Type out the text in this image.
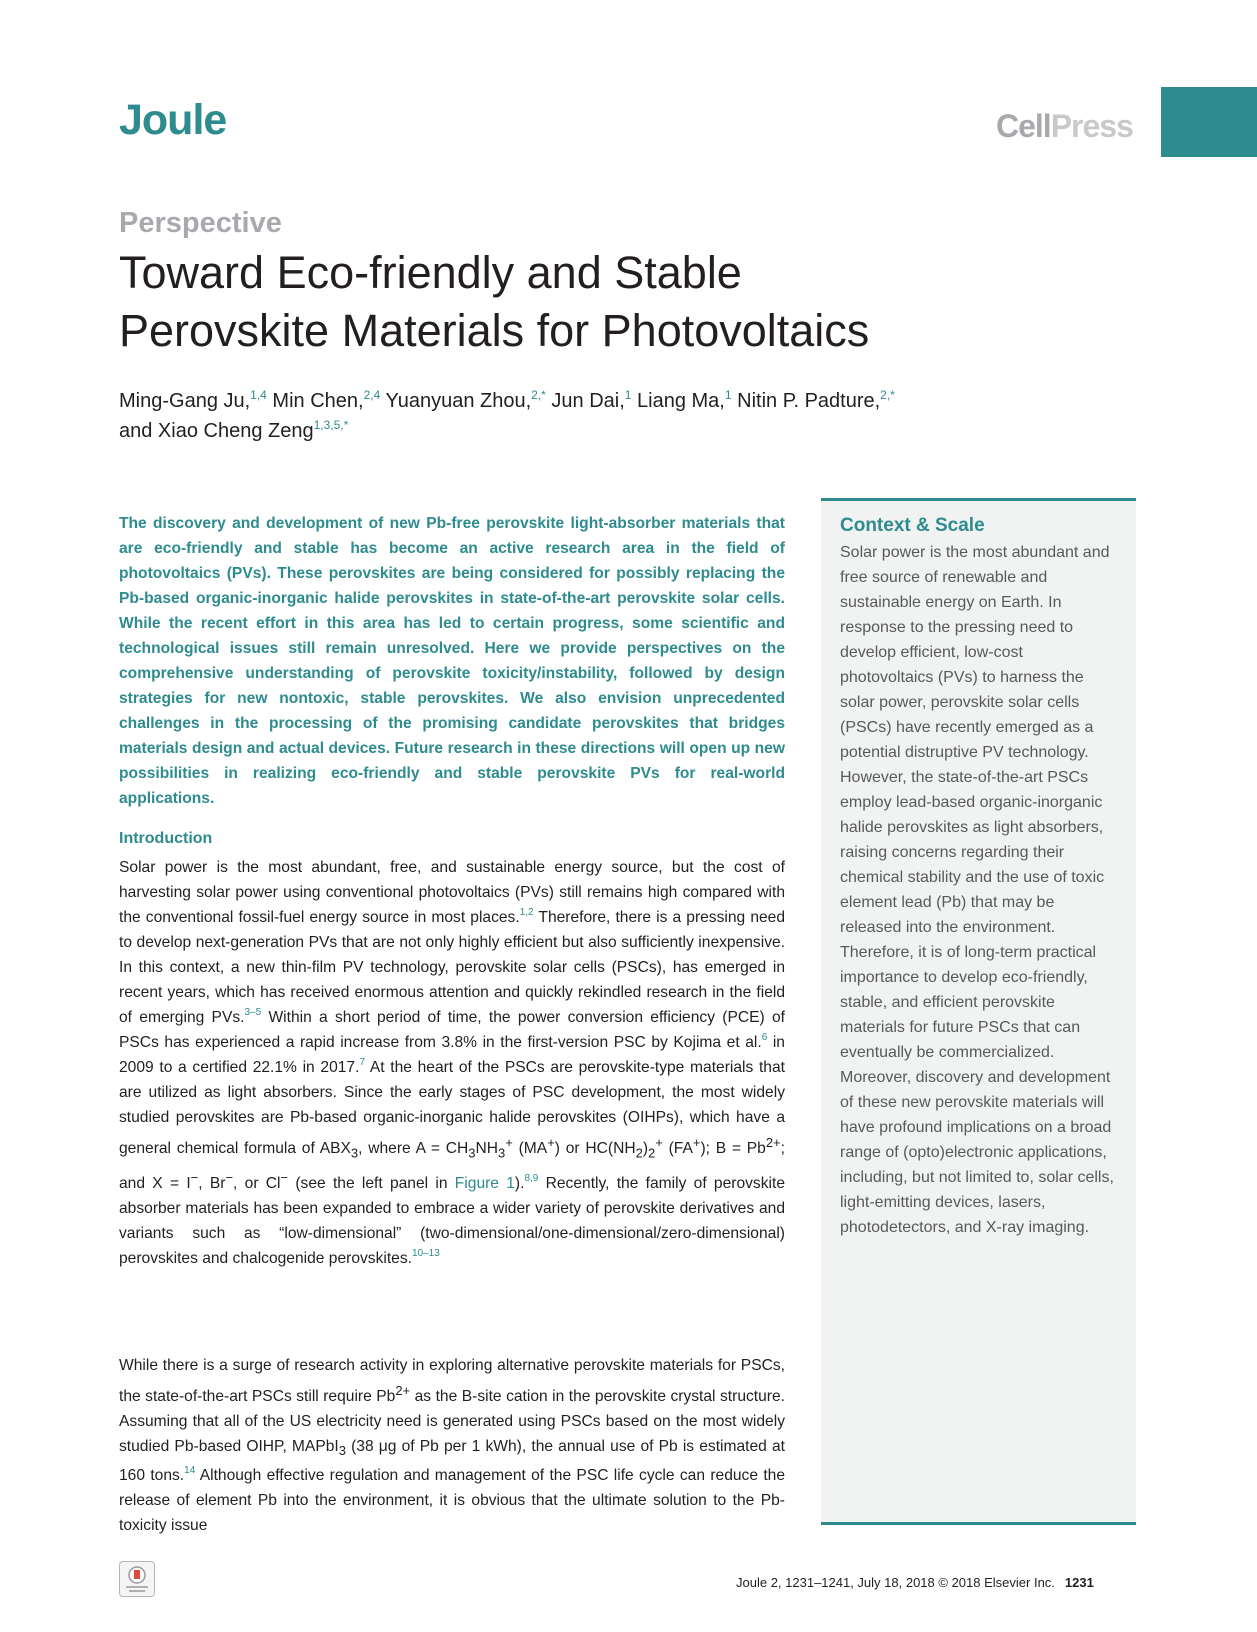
Joule	CellPress
Perspective
Toward Eco-friendly and Stable
Perovskite Materials for Photovoltaics
Ming-Gang Ju,$^{1,4}$ Min Chen,$^{2,4}$ Yuanyuan Zhou,$^{2,*}$ Jun Dai,$^1$ Liang Ma,$^1$ Nitin P. Padture,$^{2,*}$
and Xiao Cheng Zeng$^{1,3,5,*}$

The discovery and development of new Pb-free perovskite light-absorber materials that are eco-friendly and stable has become an active research area in the field of photovoltaics (PVs). These perovskites are being considered for possibly replacing the Pb-based organic-inorganic halide perovskites in state-of-the-art perovskite solar cells. While the recent effort in this area has led to certain progress, some scientific and technological issues still remain unresolved. Here we provide perspectives on the comprehensive understanding of perovskite toxicity/instability, followed by design strategies for new nontoxic, stable perovskites. We also envision unprecedented challenges in the processing of the promising candidate perovskites that bridges materials design and actual devices. Future research in these directions will open up new possibilities in realizing eco-friendly and stable perovskite PVs for real-world applications.

Introduction

Solar power is the most abundant, free, and sustainable energy source, but the cost of harvesting solar power using conventional photovoltaics (PVs) still remains high compared with the conventional fossil-fuel energy source in most places.$^{1,2}$ Therefore, there is a pressing need to develop next-generation PVs that are not only highly efficient but also sufficiently inexpensive. In this context, a new thin-film PV technology, perovskite solar cells (PSCs), has emerged in recent years, which has received enormous attention and quickly rekindled research in the field of emerging PVs.$^{3-5}$ Within a short period of time, the power conversion efficiency (PCE) of PSCs has experienced a rapid increase from 3.8% in the first-version PSC by Kojima et al.$^6$ in 2009 to a certified 22.1% in 2017.$^7$ At the heart of the PSCs are perovskite-type materials that are utilized as light absorbers. Since the early stages of PSC development, the most widely studied perovskites are Pb-based organic-inorganic halide perovskites (OIHPs), which have a general chemical formula of $ABX_3$, where $A = CH_3NH_3^+$ (MA+) or $HC(NH_2)_2^+$ (FA+); $B = Pb^{2+}$; and X = I−, Br−, or Cl− (see the left panel in Figure 1).$^{8,9}$ Recently, the family of perovskite absorber materials has been expanded to embrace a wider variety of perovskite derivatives and variants such as “low-dimensional” (two-dimensional/one-dimensional/zero-dimensional) perovskites and chalcogenide perovskites.$^{10-13}$

While there is a surge of research activity in exploring alternative perovskite materials for PSCs, the state-of-the-art PSCs still require $Pb^{2+}$ as the B-site cation in the perovskite crystal structure. Assuming that all of the US electricity need is generated using PSCs based on the most widely studied Pb-based OIHP, MAPbI$_3$ (38 μg of Pb per 1 kWh), the annual use of Pb is estimated at 160 tons.$^{14}$ Although effective regulation and management of the PSC life cycle can reduce the release of element Pb into the environment, it is obvious that the ultimate solution to the Pb-toxicity issue

Context & Scale

Solar power is the most abundant and free source of renewable and sustainable energy on Earth. In response to the pressing need to develop efficient, low-cost photovoltaics (PVs) to harness the solar power, perovskite solar cells (PSCs) have recently emerged as a potential distruptive PV technology. However, the state-of-the-art PSCs employ lead-based organic-inorganic halide perovskites as light absorbers, raising concerns regarding their chemical stability and the use of toxic element lead (Pb) that may be released into the environment. Therefore, it is of long-term practical importance to develop eco-friendly, stable, and efficient perovskite materials for future PSCs that can eventually be commercialized. Moreover, discovery and development of these new perovskite materials will have profound implications on a broad range of (opto)electronic applications, including, but not limited to, solar cells, light-emitting devices, lasers, photodetectors, and X-ray imaging.

Joule 2, 1231–1241, July 18, 2018 © 2018 Elsevier Inc. 1231
